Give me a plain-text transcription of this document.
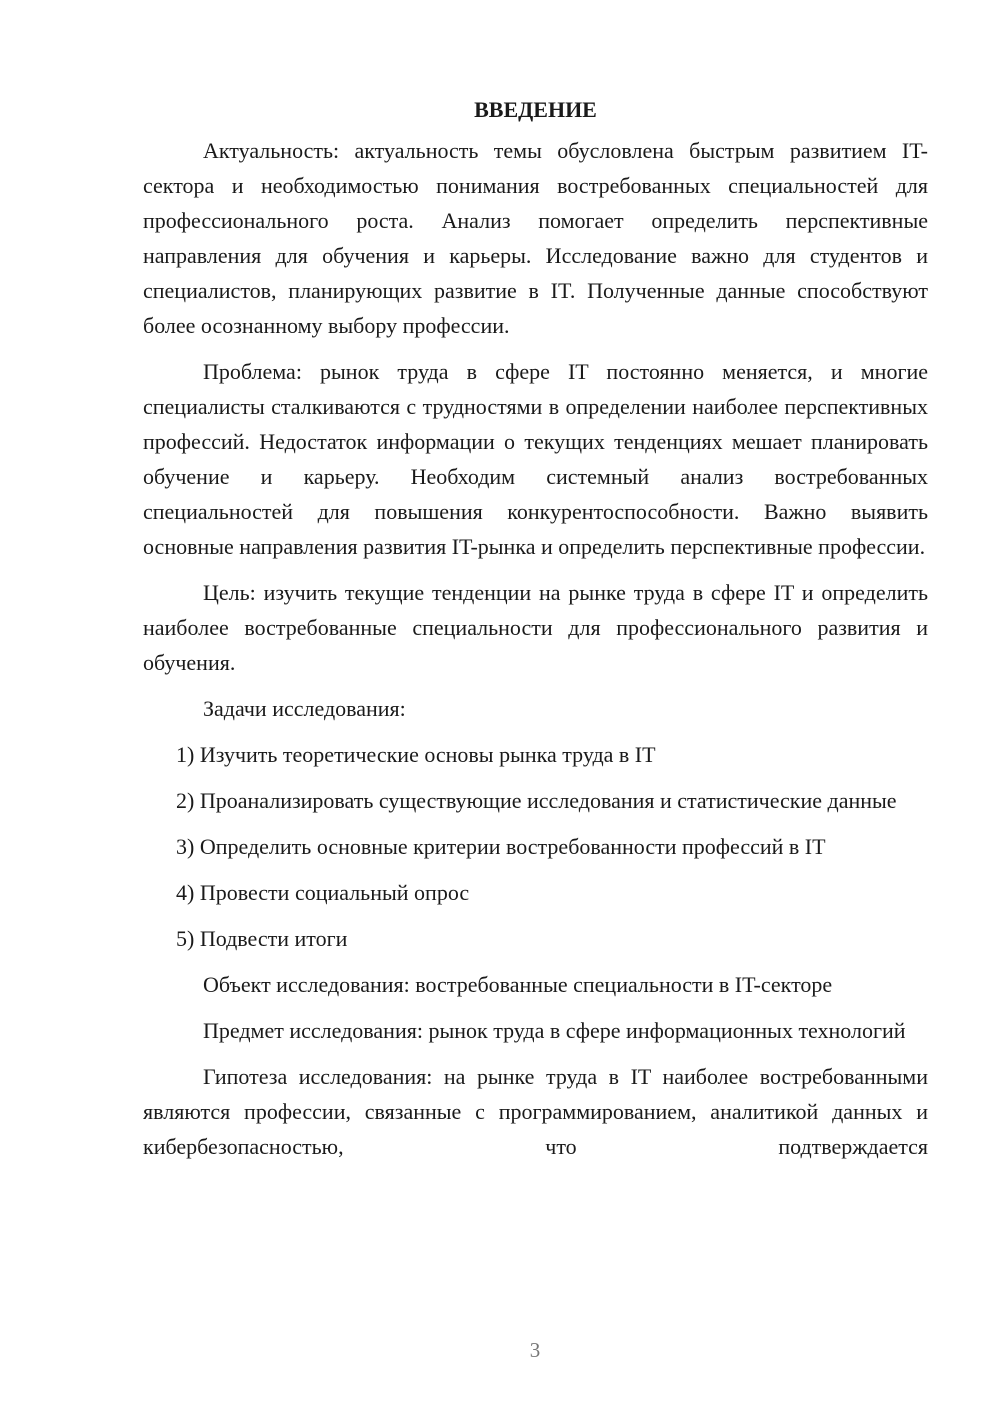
ВВЕДЕНИЕ

Актуальность: актуальность темы обусловлена быстрым развитием IT-сектора и необходимостью понимания востребованных специальностей для профессионального роста. Анализ помогает определить перспективные направления для обучения и карьеры. Исследование важно для студентов и специалистов, планирующих развитие в IT. Полученные данные способствуют более осознанному выбору профессии.

Проблема: рынок труда в сфере IT постоянно меняется, и многие специалисты сталкиваются с трудностями в определении наиболее перспективных профессий. Недостаток информации о текущих тенденциях мешает планировать обучение и карьеру. Необходим системный анализ востребованных специальностей для повышения конкурентоспособности. Важно выявить основные направления развития IT-рынка и определить перспективные профессии.

Цель: изучить текущие тенденции на рынке труда в сфере IT и определить наиболее востребованные специальности для профессионального развития и обучения.

Задачи исследования:

1) Изучить теоретические основы рынка труда в IT

2) Проанализировать существующие исследования и статистические данные

3) Определить основные критерии востребованности профессий в IT

4) Провести социальный опрос

5) Подвести итоги

Объект исследования: востребованные специальности в IT-секторе

Предмет исследования: рынок труда в сфере информационных технологий

Гипотеза исследования: на рынке труда в IT наиболее востребованными являются профессии, связанные с программированием, аналитикой данных и кибербезопасностью, что подтверждается

3
